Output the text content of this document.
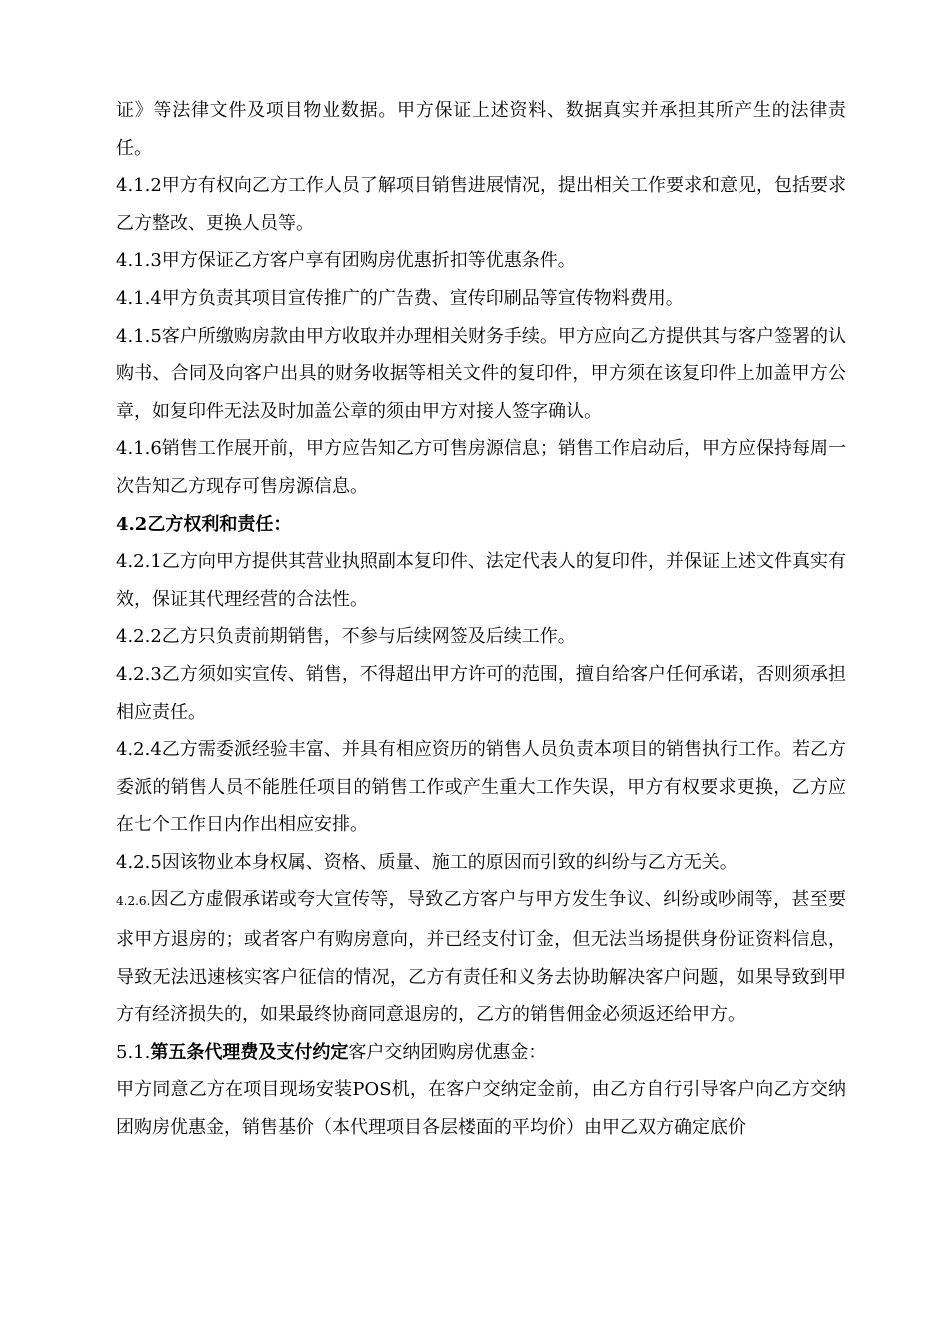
证》等法律文件及项目物业数据。甲方保证上述资料、数据真实并承担其所产生的法律责任。

4.1.2甲方有权向乙方工作人员了解项目销售进展情况，提出相关工作要求和意见，包括要求乙方整改、更换人员等。

4.1.3甲方保证乙方客户享有团购房优惠折扣等优惠条件。

4.1.4甲方负责其项目宣传推广的广告费、宣传印刷品等宣传物料费用。

4.1.5客户所缴购房款由甲方收取并办理相关财务手续。甲方应向乙方提供其与客户签署的认购书、合同及向客户出具的财务收据等相关文件的复印件，甲方须在该复印件上加盖甲方公章，如复印件无法及时加盖公章的须由甲方对接人签字确认。

4.1.6销售工作展开前，甲方应告知乙方可售房源信息；销售工作启动后，甲方应保持每周一次告知乙方现存可售房源信息。

4.2乙方权利和责任：

4.2.1乙方向甲方提供其营业执照副本复印件、法定代表人的复印件，并保证上述文件真实有效，保证其代理经营的合法性。

4.2.2乙方只负责前期销售，不参与后续网签及后续工作。

4.2.3乙方须如实宣传、销售，不得超出甲方许可的范围，擅自给客户任何承诺，否则须承担相应责任。

4.2.4乙方需委派经验丰富、并具有相应资历的销售人员负责本项目的销售执行工作。若乙方委派的销售人员不能胜任项目的销售工作或产生重大工作失误，甲方有权要求更换，乙方应在七个工作日内作出相应安排。

4.2.5因该物业本身权属、资格、质量、施工的原因而引致的纠纷与乙方无关。

4.2.6.因乙方虚假承诺或夸大宣传等，导致乙方客户与甲方发生争议、纠纷或吵闹等，甚至要求甲方退房的；或者客户有购房意向，并已经支付订金，但无法当场提供身份证资料信息，导致无法迅速核实客户征信的情况，乙方有责任和义务去协助解决客户问题，如果导致到甲方有经济损失的，如果最终协商同意退房的，乙方的销售佣金必须返还给甲方。

5.1.第五条代理费及支付约定客户交纳团购房优惠金：

甲方同意乙方在项目现场安装POS机，在客户交纳定金前，由乙方自行引导客户向乙方交纳团购房优惠金，销售基价（本代理项目各层楼面的平均价）由甲乙双方确定底价
